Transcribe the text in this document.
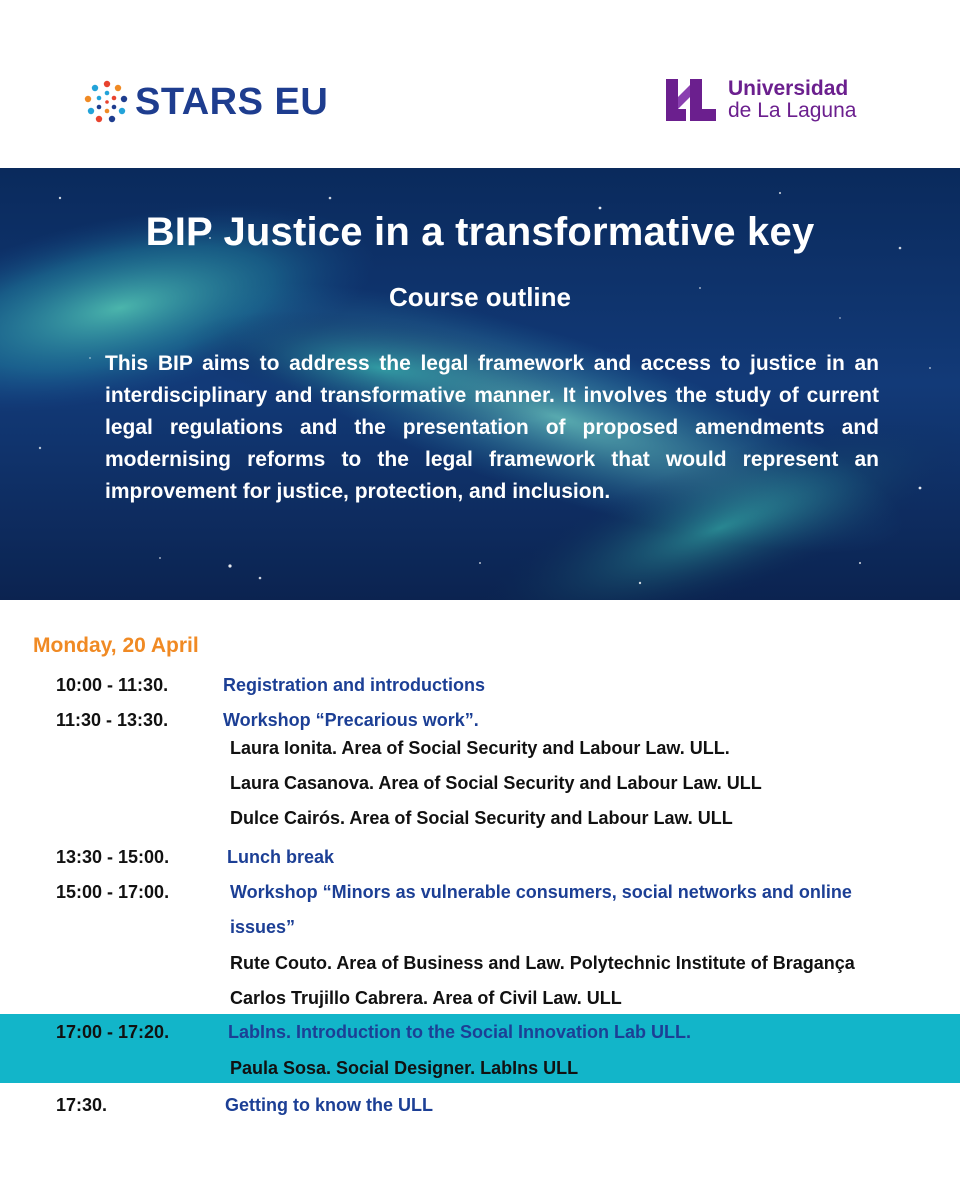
STARS EU	Universidad
de La Laguna
BIP Justice in a transformative key
Course outline
This BIP aims to address the legal framework and access to justice in an interdisciplinary and transformative manner. It involves the study of current legal regulations and the presentation of proposed amendments and modernising reforms to the legal framework that would represent an improvement for justice, protection, and inclusion.
Monday, 20 April
10:00 - 11:30.	Registration and introductions
11:30 - 13:30.	Workshop “Precarious work”.
Laura Ionita. Area of Social Security and Labour Law. ULL.
Laura Casanova. Area of Social Security and Labour Law. ULL
Dulce Cairós. Area of Social Security and Labour Law. ULL
13:30 - 15:00.	Lunch break
15:00 - 17:00.	Workshop “Minors as vulnerable consumers, social networks and online
issues”
Rute Couto. Area of Business and Law. Polytechnic Institute of Bragança
Carlos Trujillo Cabrera. Area of Civil Law. ULL
17:00 - 17:20.	LabIns. Introduction to the Social Innovation Lab ULL.
Paula Sosa. Social Designer. LabIns ULL
17:30.	Getting to know the ULL
